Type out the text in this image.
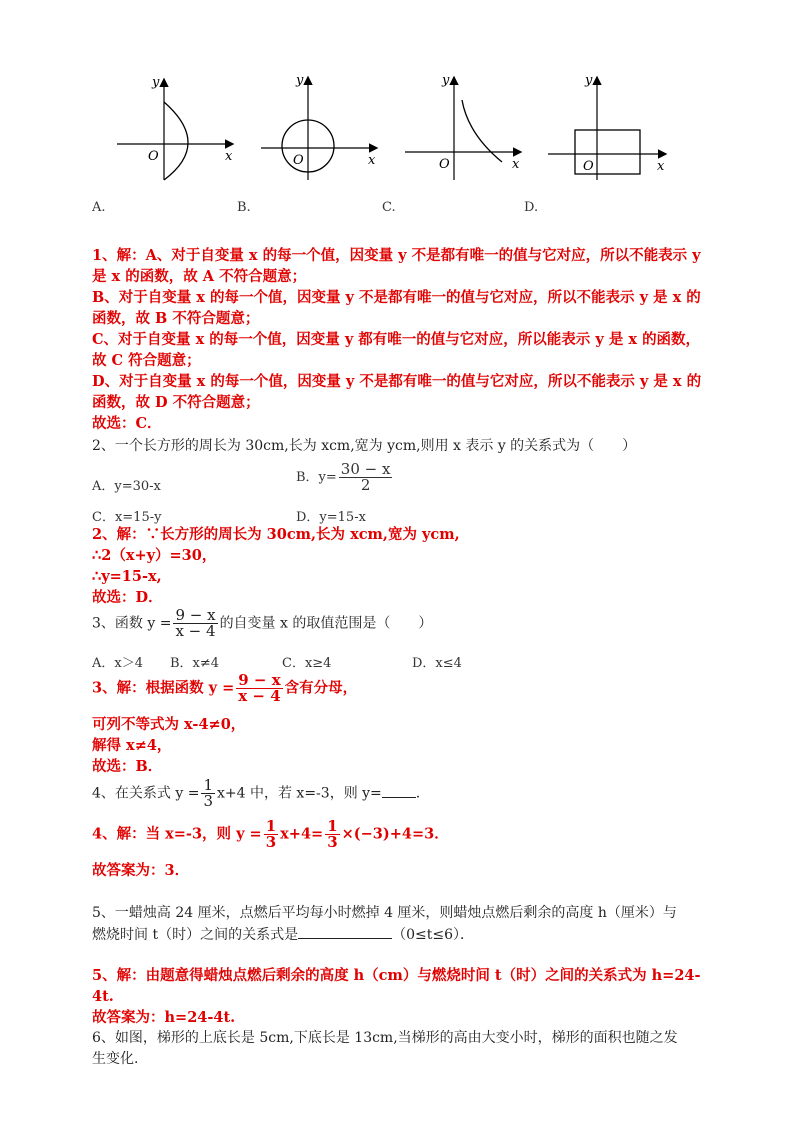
y
x
O
y
x
O
y
x
O
y
x
O
A.	B.	C.	D.
1、解：A、对于自变量 x 的每一个值，因变量 y 不是都有唯一的值与它对应，所以不能表示 y
是 x 的函数，故 A 不符合题意；
B、对于自变量 x 的每一个值，因变量 y 不是都有唯一的值与它对应，所以不能表示 y 是 x 的
函数，故 B 不符合题意；
C、对于自变量 x 的每一个值，因变量 y 都有唯一的值与它对应，所以能表示 y 是 x 的函数，
故 C 符合题意；
D、对于自变量 x 的每一个值，因变量 y 不是都有唯一的值与它对应，所以不能表示 y 是 x 的
函数，故 D 不符合题意；
故选：C．
2、一个长方形的周长为 30cm,长为 xcm,宽为 ycm,则用 x 表示 y 的关系式为（　　）
A．y=30-x
B．$y= \frac{30 - x}{2}$
C．x=15-y	D．y=15-x
2、解：∵长方形的周长为 30cm,长为 xcm,宽为 ycm,
∴2（x+y）=30，
∴y=15-x,
故选：D．
3、函数 $y = \frac{9 - x}{x - 4}$ 的自变量 x 的取值范围是（　　）
A．x＞4 B．x≠4	C．x≥4	D．x≤4
3、解：根据函数 $y = \frac{9 - x}{x - 4}$ 含有分母，
可列不等式为 x-4≠0，
解得 x≠4，
故选：B．
4、在关系式 $y = \frac{1}{3} x+4$ 中，若 x=-3，则 y= .
4、解：当 x=-3，则 $y = \frac{1}{3} x+4= \frac{1}{3} \times(-3)+4=3$．
故答案为：3．
5、一蜡烛高 24 厘米，点燃后平均每小时燃掉 4 厘米，则蜡烛点燃后剩余的高度 h（厘米）与
燃烧时间 t（时）之间的关系式是	（0≤t≤6）．
5、解：由题意得蜡烛点燃后剩余的高度 h（cm）与燃烧时间 t（时）之间的关系式为 h=24-
4t.
故答案为：h=24-4t.
6、如图，梯形的上底长是 5cm,下底长是 13cm,当梯形的高由大变小时，梯形的面积也随之发
生变化.
